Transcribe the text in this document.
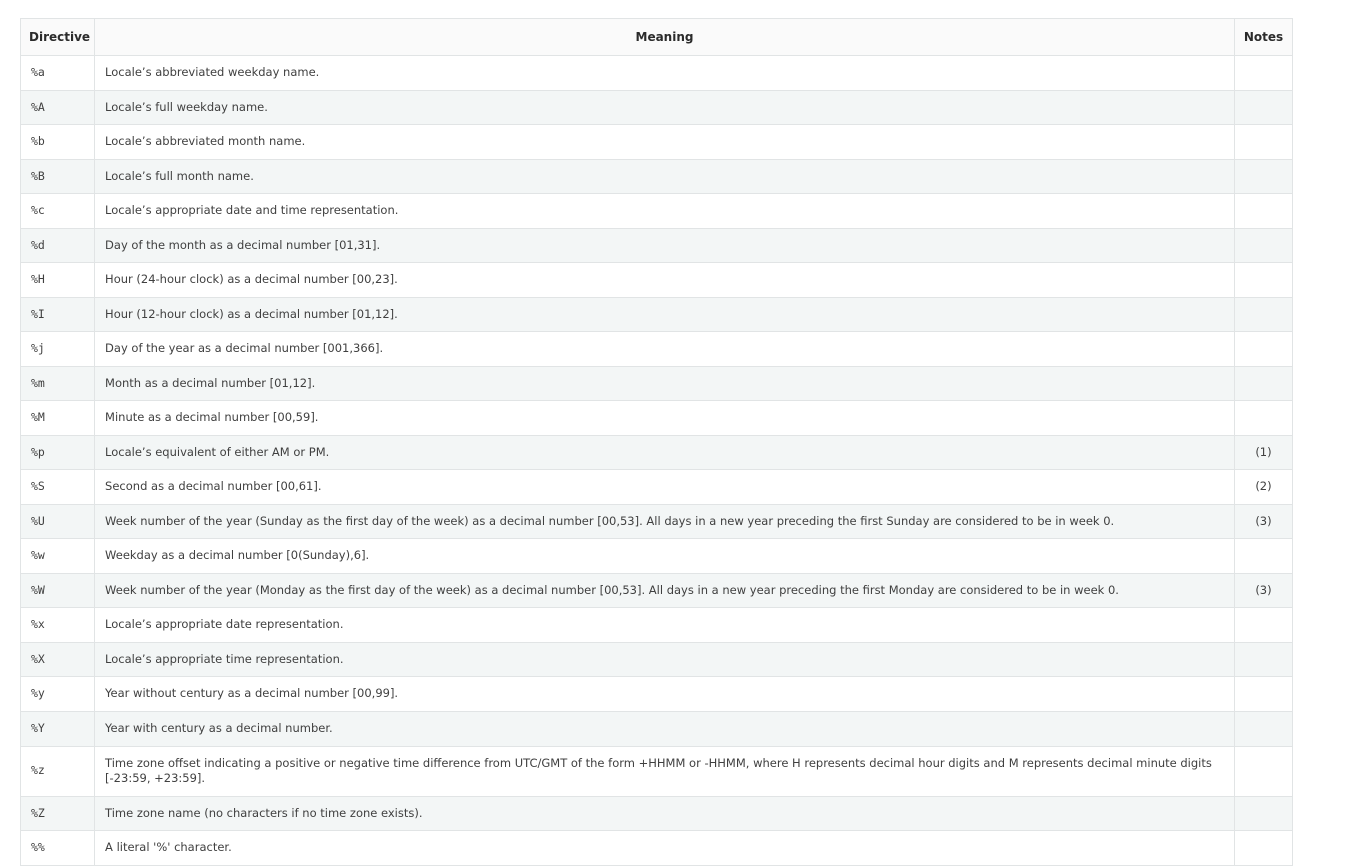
Directive	Meaning	Notes
%a	Locale’s abbreviated weekday name.	
%A	Locale’s full weekday name.	
%b	Locale’s abbreviated month name.	
%B	Locale’s full month name.	
%c	Locale’s appropriate date and time representation.	
%d	Day of the month as a decimal number [01,31].	
%H	Hour (24-hour clock) as a decimal number [00,23].	
%I	Hour (12-hour clock) as a decimal number [01,12].	
%j	Day of the year as a decimal number [001,366].	
%m	Month as a decimal number [01,12].	
%M	Minute as a decimal number [00,59].	
%p	Locale’s equivalent of either AM or PM.	(1)
%S	Second as a decimal number [00,61].	(2)
%U	Week number of the year (Sunday as the first day of the week) as a decimal number [00,53]. All days in a new year preceding the first Sunday are considered to be in week 0.	(3)
%w	Weekday as a decimal number [0(Sunday),6].	
%W	Week number of the year (Monday as the first day of the week) as a decimal number [00,53]. All days in a new year preceding the first Monday are considered to be in week 0.	(3)
%x	Locale’s appropriate date representation.	
%X	Locale’s appropriate time representation.	
%y	Year without century as a decimal number [00,99].	
%Y	Year with century as a decimal number.	
%z	Time zone offset indicating a positive or negative time difference from UTC/GMT of the form +HHMM or -HHMM, where H represents decimal hour digits and M represents decimal minute digits [-23:59, +23:59].	
%Z	Time zone name (no characters if no time zone exists).	
%%	A literal '%' character.	
